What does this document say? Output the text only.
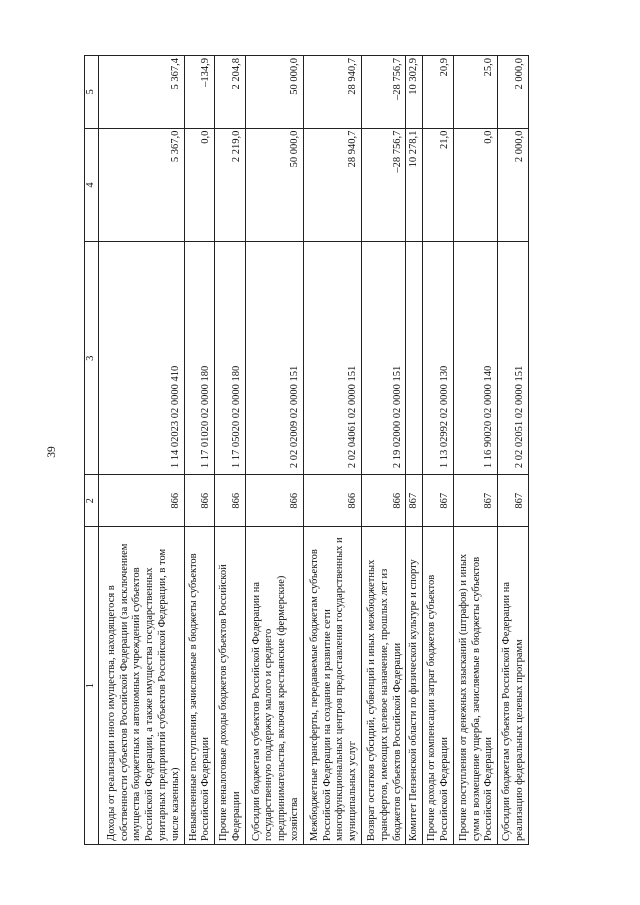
39
1	2	3	4	5
Доходы от реализации иного имущества, находящегося в собственности субъектов Российской Федерации (за исключением имущества бюджетных и автономных учреждений субъектов Российской Федерации, а также имущества государственных унитарных предприятий субъектов Российской Федерации, в том числе казенных)	866	1 14 02023 02 0000 410	5 367,0	5 367,4
Невыясненные поступления, зачисляемые в бюджеты субъектов Российской Федерации	866	1 17 01020 02 0000 180	0,0	–134,9
Прочие неналоговые доходы бюджетов субъектов Российской Федерации	866	1 17 05020 02 0000 180	2 219,0	2 204,8
Субсидии бюджетам субъектов Российской Федерации на государственную поддержку малого и среднего предпринимательства, включая крестьянские (фермерские) хозяйства	866	2 02 02009 02 0000 151	50 000,0	50 000,0
Межбюджетные трансферты, передаваемые бюджетам субъектов Российской Федерации на создание и развитие сети многофункциональных центров предоставления государственных и муниципальных услуг	866	2 02 04061 02 0000 151	28 940,7	28 940,7
Возврат остатков субсидий, субвенций и иных межбюджетных трансфертов, имеющих целевое назначение, прошлых лет из бюджетов субъектов Российской Федерации	866	2 19 02000 02 0000 151	–28 756,7	–28 756,7
Комитет Пензенской области по физической культуре и спорту	867		10 278,1	10 302,9
Прочие доходы от компенсации затрат бюджетов субъектов Российской Федерации	867	1 13 02992 02 0000 130	21,0	20,9
Прочие поступления от денежных взысканий (штрафов) и иных сумм в возмещение ущерба, зачисляемые в бюджеты субъектов Российской Федерации	867	1 16 90020 02 0000 140	0,0	25,0
Субсидии бюджетам субъектов Российской Федерации на реализацию федеральных целевых программ	867	2 02 02051 02 0000 151	2 000,0	2 000,0
